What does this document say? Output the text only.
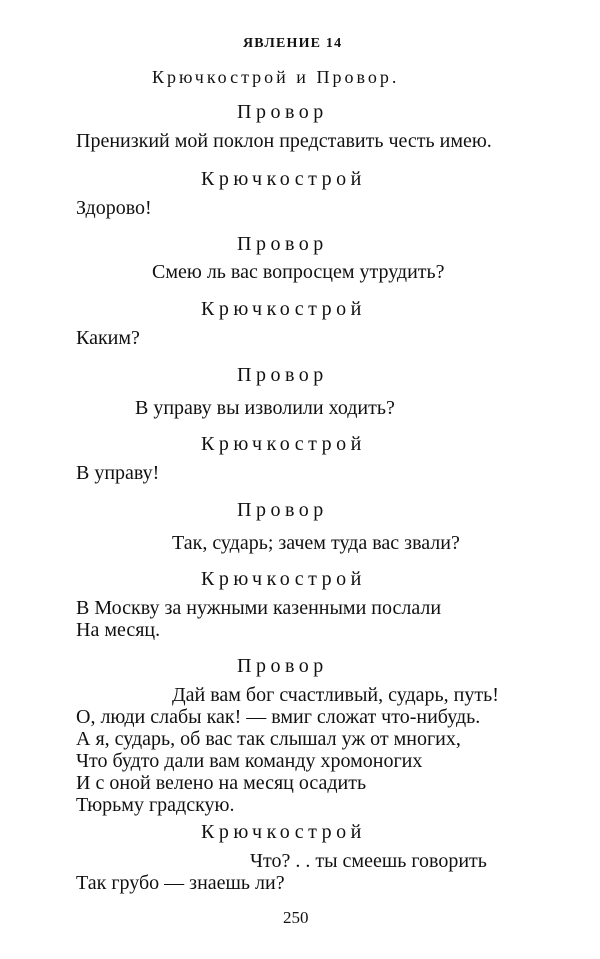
ЯВЛЕНИЕ 14
Крючкострой и Провор.
Провор
Пренизкий мой поклон представить честь имею.
Крючкострой
Здорово!
Провор
Смею ль вас вопросцем утрудить?
Крючкострой
Каким?
Провор
В управу вы изволили ходить?
Крючкострой
В управу!
Провор
Так, сударь; зачем туда вас звали?
Крючкострой
В Москву за нужными казенными послали
На месяц.
Провор
Дай вам бог счастливый, сударь, путь!
О, люди слабы как! — вмиг сложат что-нибудь.
А я, сударь, об вас так слышал уж от многих,
Что будто дали вам команду хромоногих
И с оной велено на месяц осадить
Тюрьму градскую.
Крючкострой
Что? . . ты смеешь говорить
Так грубо — знаешь ли?
250
